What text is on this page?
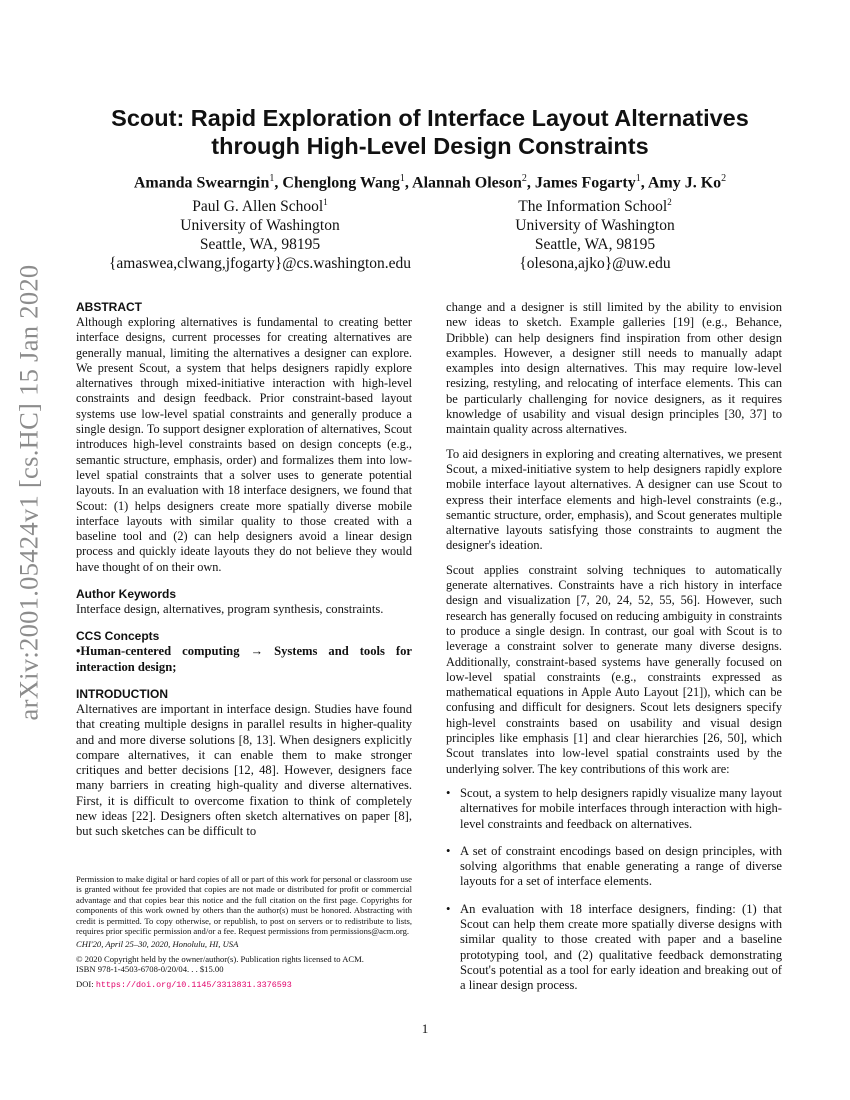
arXiv:2001.05424v1 [cs.HC] 15 Jan 2020
Scout: Rapid Exploration of Interface Layout Alternatives
through High-Level Design Constraints
Amanda Swearngin$^1$, Chenglong Wang$^1$, Alannah Oleson$^2$, James Fogarty$^1$, Amy J. Ko$^2$
Paul G. Allen School$^1$
University of Washington
Seattle, WA, 98195
{amaswea,clwang,jfogarty}@cs.washington.edu
The Information School$^2$
University of Washington
Seattle, WA, 98195
{olesona,ajko}@uw.edu
ABSTRACT

Although exploring alternatives is fundamental to creating better interface designs, current processes for creating alternatives are generally manual, limiting the alternatives a designer can explore. We present Scout, a system that helps designers rapidly explore alternatives through mixed-initiative interaction with high-level constraints and design feedback. Prior constraint-based layout systems use low-level spatial constraints and generally produce a single design. To support designer exploration of alternatives, Scout introduces high-level constraints based on design concepts (e.g., semantic structure, emphasis, order) and formalizes them into low-level spatial constraints that a solver uses to generate potential layouts. In an evaluation with 18 interface designers, we found that Scout: (1) helps designers create more spatially diverse mobile interface layouts with similar quality to those created with a baseline tool and (2) can help designers avoid a linear design process and quickly ideate layouts they do not believe they would have thought of on their own.

Author Keywords

Interface design, alternatives, program synthesis, constraints.

CCS Concepts

•Human-centered computing → Systems and tools for interaction design;

INTRODUCTION

Alternatives are important in interface design. Studies have found that creating multiple designs in parallel results in higher-quality and and more diverse solutions [8, 13]. When designers explicitly compare alternatives, it can enable them to make stronger critiques and better decisions [12, 48]. However, designers face many barriers in creating high-quality and diverse alternatives. First, it is difficult to overcome fixation to think of completely new ideas [22]. Designers often sketch alternatives on paper [8], but such sketches can be difficult to

Permission to make digital or hard copies of all or part of this work for personal or classroom use is granted without fee provided that copies are not made or distributed for profit or commercial advantage and that copies bear this notice and the full citation on the first page. Copyrights for components of this work owned by others than the author(s) must be honored. Abstracting with credit is permitted. To copy otherwise, or republish, to post on servers or to redistribute to lists, requires prior specific permission and/or a fee. Request permissions from permissions@acm.org.

CHI'20, April 25–30, 2020, Honolulu, HI, USA

© 2020 Copyright held by the owner/author(s). Publication rights licensed to ACM.
ISBN 978-1-4503-6708-0/20/04. . . $15.00

DOI: https://doi.org/10.1145/3313831.3376593

change and a designer is still limited by the ability to envision new ideas to sketch. Example galleries [19] (e.g., Behance, Dribble) can help designers find inspiration from other design examples. However, a designer still needs to manually adapt examples into design alternatives. This may require low-level resizing, restyling, and relocating of interface elements. This can be particularly challenging for novice designers, as it requires knowledge of usability and visual design principles [30, 37] to maintain quality across alternatives.

To aid designers in exploring and creating alternatives, we present Scout, a mixed-initiative system to help designers rapidly explore mobile interface layout alternatives. A designer can use Scout to express their interface elements and high-level constraints (e.g., semantic structure, order, emphasis), and Scout generates multiple alternative layouts satisfying those constraints to augment the designer's ideation.

Scout applies constraint solving techniques to automatically generate alternatives. Constraints have a rich history in interface design and visualization [7, 20, 24, 52, 55, 56]. However, such research has generally focused on reducing ambiguity in constraints to produce a single design. In contrast, our goal with Scout is to leverage a constraint solver to generate many diverse designs. Additionally, constraint-based systems have generally focused on low-level spatial constraints (e.g., constraints expressed as mathematical equations in Apple Auto Layout [21]), which can be confusing and difficult for designers. Scout lets designers specify high-level constraints based on usability and visual design principles like emphasis [1] and clear hierarchies [26, 50], which Scout translates into low-level spatial constraints used by the underlying solver. The key contributions of this work are:

• Scout, a system to help designers rapidly visualize many layout alternatives for mobile interfaces through interaction with high-level constraints and feedback on alternatives.
• A set of constraint encodings based on design principles, with solving algorithms that enable generating a range of diverse layouts for a set of interface elements.
• An evaluation with 18 interface designers, finding: (1) that Scout can help them create more spatially diverse designs with similar quality to those created with paper and a baseline prototyping tool, and (2) qualitative feedback demonstrating Scout's potential as a tool for early ideation and breaking out of a linear design process.
1
